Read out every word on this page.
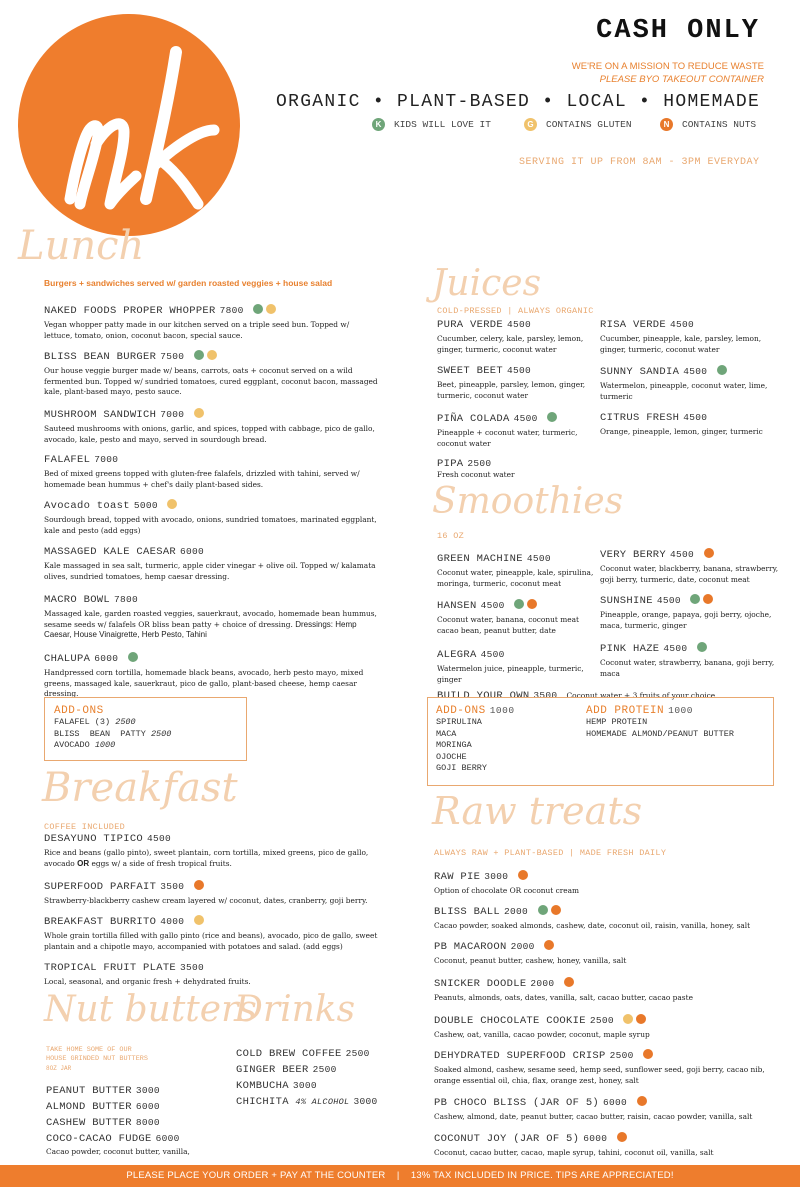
CASH ONLY
WE'RE ON A MISSION TO REDUCE WASTE
PLEASE BYO TAKEOUT CONTAINER
ORGANIC • PLANT-BASED • LOCAL • HOMEMADE
K	KIDS WILL LOVE IT	G	CONTAINS GLUTEN	N	CONTAINS NUTS
SERVING IT UP FROM 8AM - 3PM EVERYDAY
Lunch
Burgers + sandwiches served w/ garden roasted veggies + house salad
NAKED FOODS PROPER WHOPPER 7800
Vegan whopper patty made in our kitchen served on a triple seed bun. Topped w/ lettuce, tomato, onion, coconut bacon, special sauce.
BLISS BEAN BURGER 7500
Our house veggie burger made w/ beans, carrots, oats + coconut served on a wild fermented bun. Topped w/ sundried tomatoes, cured eggplant, coconut bacon, massaged kale, plant-based mayo, pesto sauce.
MUSHROOM SANDWICH 7000
Sauteed mushrooms with onions, garlic, and spices, topped with cabbage, pico de gallo, avocado, kale, pesto and mayo, served in sourdough bread.
FALAFEL 7000
Bed of mixed greens topped with gluten-free falafels, drizzled with tahini, served w/ homemade bean hummus + chef's daily plant-based sides.
Avocado toast 5000
Sourdough bread, topped with avocado, onions, sundried tomatoes, marinated eggplant, kale and pesto (add eggs)
MASSAGED KALE CAESAR 6000
Kale massaged in sea salt, turmeric, apple cider vinegar + olive oil. Topped w/ kalamata olives, sundried tomatoes, hemp caesar dressing.
MACRO BOWL 7800
Massaged kale, garden roasted veggies, sauerkraut, avocado, homemade bean hummus, sesame seeds w/ falafels OR bliss bean patty + choice of dressing. Dressings: Hemp Caesar, House Vinaigrette, Herb Pesto, Tahini
CHALUPA 6000
Handpressed corn tortilla, homemade black beans, avocado, herb pesto mayo, mixed greens, massaged kale, sauerkraut, pico de gallo, plant-based cheese, hemp caesar dressing.
ADD-ONS
FALAFEL (3) 2500
BLISS  BEAN  PATTY 2500
AVOCADO 1000
Breakfast
COFFEE INCLUDED
DESAYUNO TIPICO 4500
Rice and beans (gallo pinto), sweet plantain, corn tortilla, mixed greens, pico de gallo, avocado OR eggs w/ a side of fresh tropical fruits.
SUPERFOOD PARFAIT 3500
Strawberry-blackberry cashew cream layered w/ coconut, dates, cranberry, goji berry.
BREAKFAST BURRITO 4000
Whole grain tortilla filled with gallo pinto (rice and beans), avocado, pico de gallo, sweet plantain and a chipotle mayo, accompanied with potatoes and salad. (add eggs)
TROPICAL FRUIT PLATE 3500
Local, seasonal, and organic fresh + dehydrated fruits.
Nut butters
TAKE HOME SOME OF OUR
HOUSE GRINDED NUT BUTTERS
8OZ JAR
PEANUT BUTTER 3000
ALMOND BUTTER 6000
CASHEW BUTTER 8000
COCO-CACAO FUDGE 6000
Cacao powder, coconut butter, vanilla,
Drinks
COLD BREW COFFEE 2500
GINGER BEER 2500
KOMBUCHA 3000
CHICHITA 4% ALCOHOL 3000
Juices
COLD-PRESSED | ALWAYS ORGANIC
PURA VERDE 4500
Cucumber, celery, kale, parsley, lemon, ginger, turmeric, coconut water
RISA VERDE 4500
Cucumber, pineapple, kale, parsley, lemon, ginger, turmeric, coconut water
SWEET BEET 4500
Beet, pineapple, parsley, lemon, ginger, turmeric, coconut water
SUNNY SANDIA 4500
Watermelon, pineapple, coconut water, lime, turmeric
PIÑA COLADA 4500
Pineapple + coconut water, turmeric, coconut water
CITRUS FRESH 4500
Orange, pineapple, lemon, ginger, turmeric
PIPA 2500
Fresh coconut water
Smoothies
16 OZ
GREEN MACHINE 4500
Coconut water, pineapple, kale, spirulina, moringa, turmeric, coconut meat
VERY BERRY 4500
Coconut water, blackberry, banana, strawberry, goji berry, turmeric, date, coconut meat
HANSEN 4500
Coconut water, banana, coconut meat cacao bean, peanut butter, date
SUNSHINE 4500
Pineapple, orange, papaya, goji berry, ojoche, maca, turmeric, ginger
ALEGRA 4500
Watermelon juice, pineapple, turmeric, ginger
PINK HAZE 4500
Coconut water, strawberry, banana, goji berry, maca
BUILD YOUR OWN 3500 Coconut water + 3 fruits of your choice
ADD-ONS 1000
SPIRULINA
MACA
MORINGA
OJOCHE
GOJI BERRY
ADD PROTEIN 1000
HEMP PROTEIN
HOMEMADE ALMOND/PEANUT BUTTER
Raw treats
ALWAYS RAW + PLANT-BASED | MADE FRESH DAILY
RAW PIE 3000
Option of chocolate OR coconut cream
BLISS BALL 2000
Cacao powder, soaked almonds, cashew, date, coconut oil, raisin, vanilla, honey, salt
PB MACAROON 2000
Coconut, peanut butter, cashew, honey, vanilla, salt
SNICKER DOODLE 2000
Peanuts, almonds, oats, dates, vanilla, salt, cacao butter, cacao paste
DOUBLE CHOCOLATE COOKIE 2500
Cashew, oat, vanilla, cacao powder, coconut, maple syrup
DEHYDRATED SUPERFOOD CRISP 2500
Soaked almond, cashew, sesame seed, hemp seed, sunflower seed, goji berry, cacao nib, orange essential oil, chia, flax, orange zest, honey, salt
PB CHOCO BLISS (JAR OF 5) 6000
Cashew, almond, date, peanut butter, cacao butter, raisin, cacao powder, vanilla, salt
COCONUT JOY (JAR OF 5) 6000
Coconut, cacao butter, cacao, maple syrup, tahini, coconut oil, vanilla, salt
PLEASE PLACE YOUR ORDER + PAY AT THE COUNTER    |    13% TAX INCLUDED IN PRICE. TIPS ARE APPRECIATED!
